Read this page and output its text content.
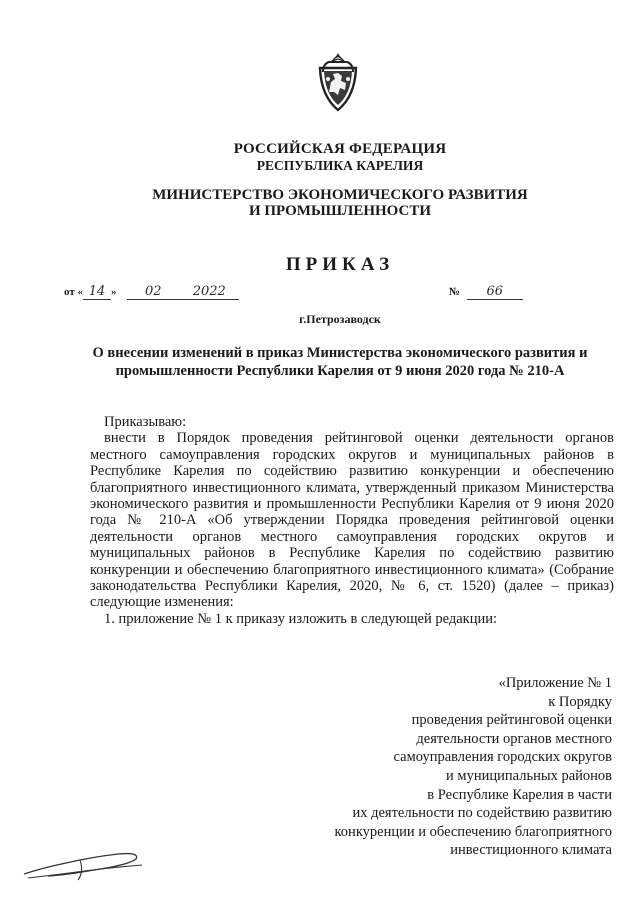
РОССИЙСКАЯ ФЕДЕРАЦИЯ
РЕСПУБЛИКА КАРЕЛИЯ
МИНИСТЕРСТВО ЭКОНОМИЧЕСКОГО РАЗВИТИЯ
И ПРОМЫШЛЕННОСТИ
ПРИКАЗ
от « 14 » 02 2022	№ 66
г.Петрозаводск
О внесении изменений в приказ Министерства экономического развития и промышленности Республики Карелия от 9 июня 2020 года № 210-А

Приказываю:

внести в Порядок проведения рейтинговой оценки деятельности органов местного самоуправления городских округов и муниципальных районов в Республике Карелия по содействию развитию конкуренции и обеспечению благоприятного инвестиционного климата, утвержденный приказом Министерства экономического развития и промышленности Республики Карелия от 9 июня 2020 года № 210-А «Об утверждении Порядка проведения рейтинговой оценки деятельности органов местного самоуправления городских округов и муниципальных районов в Республике Карелия по содействию развитию конкуренции и обеспечению благоприятного инвестиционного климата» (Собрание законодательства Республики Карелия, 2020, № 6, ст. 1520) (далее – приказ) следующие изменения:

1. приложение № 1 к приказу изложить в следующей редакции:

«Приложение № 1
к Порядку
проведения рейтинговой оценки
деятельности органов местного
самоуправления городских округов
и муниципальных районов
в Республике Карелия в части
их деятельности по содействию развитию
конкуренции и обеспечению благоприятного
инвестиционного климата
